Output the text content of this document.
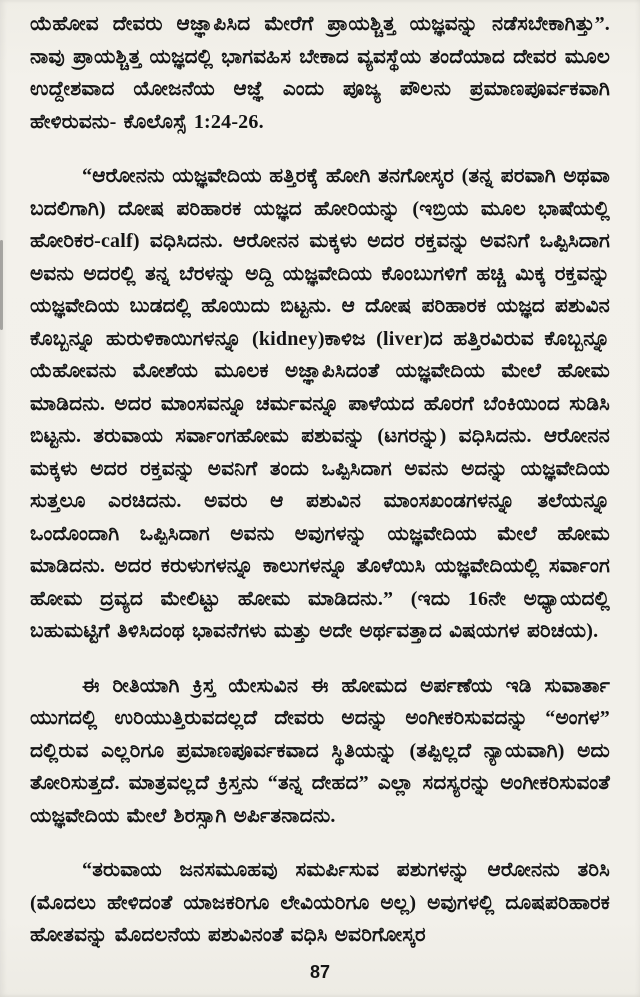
ಯೆಹೋವ ದೇವರು ಆಜ್ಞಾಪಿಸಿದ ಮೇರೆಗೆ ಪ್ರಾಯಶ್ಚಿತ್ತ ಯಜ್ಞವನ್ನು ನಡೆಸಬೇಕಾಗಿತ್ತು”. ನಾವು ಪ್ರಾಯಶ್ಚಿತ್ತ ಯಜ್ಞದಲ್ಲಿ ಭಾಗವಹಿಸ ಬೇಕಾದ ವ್ಯವಸ್ಥೆಯ ತಂದೆಯಾದ ದೇವರ ಮೂಲ ಉದ್ದೇಶವಾದ ಯೋಜನೆಯ ಆಜ್ಞೆ ಎಂದು ಪೂಜ್ಯ ಪೌಲನು ಪ್ರಮಾಣಪೂರ್ವಕವಾಗಿ ಹೇಳಿರುವನು- ಕೊಲೊಸ್ಸೆ 1:24-26.

“ಆರೋನನು ಯಜ್ಞವೇದಿಯ ಹತ್ತಿರಕ್ಕೆ ಹೋಗಿ ತನಗೋಸ್ಕರ (ತನ್ನ ಪರವಾಗಿ ಅಥವಾ ಬದಲಿಗಾಗಿ) ದೋಷ ಪರಿಹಾರಕ ಯಜ್ಞದ ಹೋರಿಯನ್ನು (ಇಬ್ರಿಯ ಮೂಲ ಭಾಷೆಯಲ್ಲಿ ಹೋರಿಕರ-calf) ವಧಿಸಿದನು. ಆರೋನನ ಮಕ್ಕಳು ಅದರ ರಕ್ತವನ್ನು ಅವನಿಗೆ ಒಪ್ಪಿಸಿದಾಗ ಅವನು ಅದರಲ್ಲಿ ತನ್ನ ಬೆರಳನ್ನು ಅದ್ದಿ ಯಜ್ಞವೇದಿಯ ಕೊಂಬುಗಳಿಗೆ ಹಚ್ಚಿ ಮಿಕ್ಕ ರಕ್ತವನ್ನು ಯಜ್ಞವೇದಿಯ ಬುಡದಲ್ಲಿ ಹೊಯಿದು ಬಿಟ್ಟನು. ಆ ದೋಷ ಪರಿಹಾರಕ ಯಜ್ಞದ ಪಶುವಿನ ಕೊಬ್ಬನ್ನೂ ಹುರುಳಿಕಾಯಿಗಳನ್ನೂ (kidney)ಕಾಳಿಜ (liver)ದ ಹತ್ತಿರವಿರುವ ಕೊಬ್ಬನ್ನೂ ಯೆಹೋವನು ಮೋಶೆಯ ಮೂಲಕ ಅಜ್ಞಾಪಿಸಿದಂತೆ ಯಜ್ಞವೇದಿಯ ಮೇಲೆ ಹೋಮ ಮಾಡಿದನು. ಅದರ ಮಾಂಸವನ್ನೂ ಚರ್ಮವನ್ನೂ ಪಾಳೆಯದ ಹೊರಗೆ ಬೆಂಕಿಯಿಂದ ಸುಡಿಸಿ ಬಿಟ್ಟನು. ತರುವಾಯ ಸರ್ವಾಂಗಹೋಮ ಪಶುವನ್ನು (ಟಗರನ್ನು) ವಧಿಸಿದನು. ಆರೋನನ ಮಕ್ಕಳು ಅದರ ರಕ್ತವನ್ನು ಅವನಿಗೆ ತಂದು ಒಪ್ಪಿಸಿದಾಗ ಅವನು ಅದನ್ನು ಯಜ್ಞವೇದಿಯ ಸುತ್ತಲೂ ಎರಚಿದನು. ಅವರು ಆ ಪಶುವಿನ ಮಾಂಸಖಂಡಗಳನ್ನೂ ತಲೆಯನ್ನೂ ಒಂದೊಂದಾಗಿ ಒಪ್ಪಿಸಿದಾಗ ಅವನು ಅವುಗಳನ್ನು ಯಜ್ಞವೇದಿಯ ಮೇಲೆ ಹೋಮ ಮಾಡಿದನು. ಅದರ ಕರುಳುಗಳನ್ನೂ ಕಾಲುಗಳನ್ನೂ ತೊಳೆಯಿಸಿ ಯಜ್ಞವೇದಿಯಲ್ಲಿ ಸರ್ವಾಂಗ ಹೋಮ ದ್ರವ್ಯದ ಮೇಲಿಟ್ಟು ಹೋಮ ಮಾಡಿದನು.” (ಇದು 16ನೇ ಅಧ್ಯಾಯದಲ್ಲಿ ಬಹುಮಟ್ಟಿಗೆ ತಿಳಿಸಿದಂಥ ಭಾವನೆಗಳು ಮತ್ತು ಅದೇ ಅರ್ಥವತ್ತಾದ ವಿಷಯಗಳ ಪರಿಚಯ).

ಈ ರೀತಿಯಾಗಿ ಕ್ರಿಸ್ತ ಯೇಸುವಿನ ಈ ಹೋಮದ ಅರ್ಪಣೆಯ ಇಡಿ ಸುವಾರ್ತಾ ಯುಗದಲ್ಲಿ ಉರಿಯುತ್ತಿರುವದಲ್ಲದೆ ದೇವರು ಅದನ್ನು ಅಂಗೀಕರಿಸುವದನ್ನು “ಅಂಗಳ” ದಲ್ಲಿರುವ ಎಲ್ಲರಿಗೂ ಪ್ರಮಾಣಪೂರ್ವಕವಾದ ಸ್ಥಿತಿಯನ್ನು (ತಪ್ಪಿಲ್ಲದೆ ನ್ಯಾಯವಾಗಿ) ಅದು ತೋರಿಸುತ್ತದೆ. ಮಾತ್ರವಲ್ಲದೆ ಕ್ರಿಸ್ತನು “ತನ್ನ ದೇಹದ” ಎಲ್ಲಾ ಸದಸ್ಯರನ್ನು ಅಂಗೀಕರಿಸುವಂತೆ ಯಜ್ಞವೇದಿಯ ಮೇಲೆ ಶಿರಸ್ಸಾಗಿ ಅರ್ಪಿತನಾದನು.

“ತರುವಾಯ ಜನಸಮೂಹವು ಸಮರ್ಪಿಸುವ ಪಶುಗಳನ್ನು ಆರೋನನು ತರಿಸಿ (ಮೊದಲು ಹೇಳಿದಂತೆ ಯಾಜಕರಿಗೂ ಲೇವಿಯರಿಗೂ ಅಲ್ಲ) ಅವುಗಳಲ್ಲಿ ದೂಷಪರಿಹಾರಕ ಹೋತವನ್ನು ಮೊದಲನೆಯ ಪಶುವಿನಂತೆ ವಧಿಸಿ ಅವರಿಗೋಸ್ಕರ

87
